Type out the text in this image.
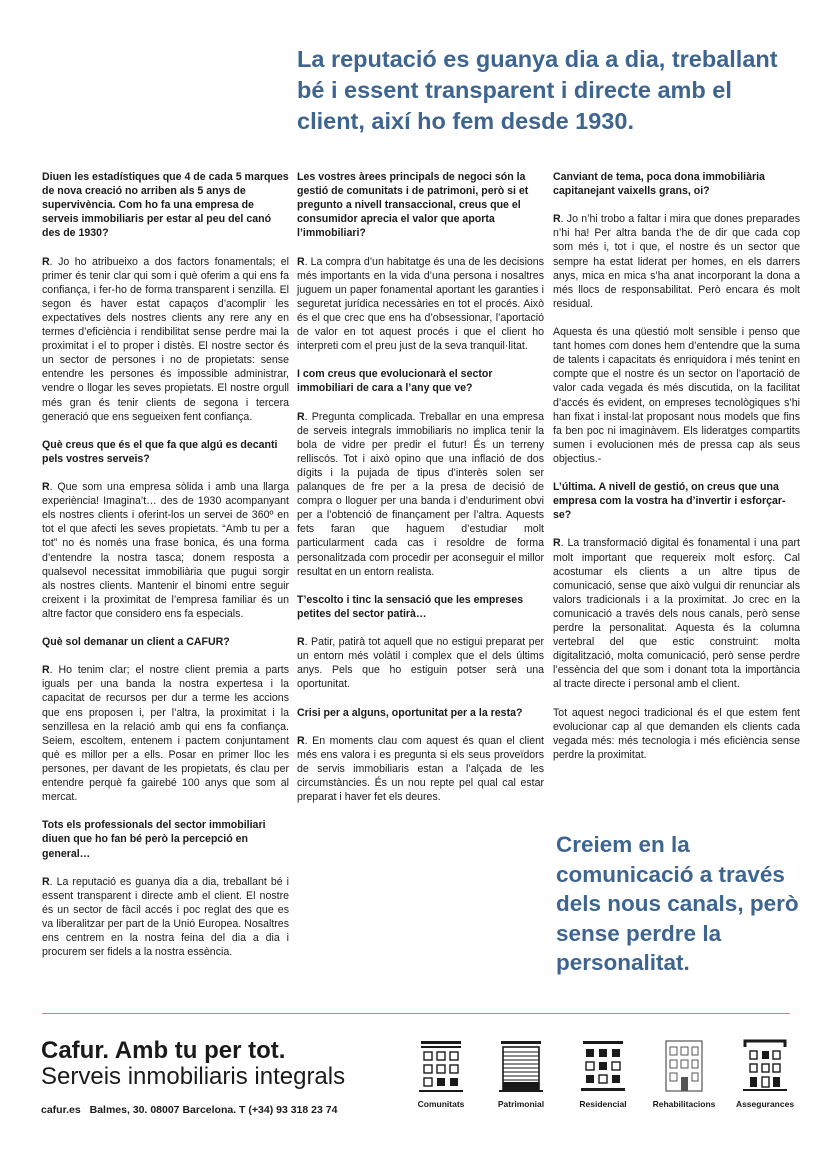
La reputació es guanya dia a dia, treballant bé i essent transparent i directe amb el client, així ho fem desde 1930.

Diuen les estadístiques que 4 de cada 5 marques de nova creació no arriben als 5 anys de supervivència. Com ho fa una empresa de serveis immobiliaris per estar al peu del canó des de 1930?

R. Jo ho atribueixo a dos factors fonamentals; el primer és tenir clar qui som i què oferim a qui ens fa confiança, i fer-ho de forma transparent i senzilla. El segon és haver estat capaços d’acomplir les expectatives dels nostres clients any rere any en termes d’eficiència i rendibilitat sense perdre mai la proximitat i el to proper i distès. El nostre sector és un sector de persones i no de propietats: sense entendre les persones és impossible administrar, vendre o llogar les seves propietats. El nostre orgull més gran és tenir clients de segona i tercera generació que ens segueixen fent confiança.

Què creus que és el que fa que algú es decanti pels vostres serveis?

R. Que som una empresa sòlida i amb una llarga experiència! Imagina’t… des de 1930 acompanyant els nostres clients i oferint-los un servei de 360º en tot el que afecti les seves propietats. “Amb tu per a tot” no és només una frase bonica, és una forma d’entendre la nostra tasca; donem resposta a qualsevol necessitat immobiliària que pugui sorgir als nostres clients. Mantenir el binomi entre seguir creixent i la proximitat de l’empresa familiar és un altre factor que considero ens fa especials.

Què sol demanar un client a CAFUR?

R. Ho tenim clar; el nostre client premia a parts iguals per una banda la nostra expertesa i la capacitat de recursos per dur a terme les accions que ens proposen i, per l’altra, la proximitat i la senzillesa en la relació amb qui ens fa confiança. Seiem, escoltem, entenem i pactem conjuntament què es millor per a ells. Posar en primer lloc les persones, per davant de les propietats, és clau per entendre perquè fa gairebé 100 anys que som al mercat.

Tots els professionals del sector immobiliari diuen que ho fan bé però la percepció en general…

R. La reputació es guanya dia a dia, treballant bé i essent transparent i directe amb el client. El nostre és un sector de fàcil accés i poc reglat des que es va liberalitzar per part de la Unió Europea. Nosaltres ens centrem en la nostra feina del dia a dia i procurem ser fidels a la nostra essència.

Les vostres àrees principals de negoci són la gestió de comunitats i de patrimoni, però si et pregunto a nivell transaccional, creus que el consumidor aprecia el valor que aporta l’immobiliari?

R. La compra d’un habitatge és una de les decisions més importants en la vida d’una persona i nosaltres juguem un paper fonamental aportant les garanties i seguretat jurídica necessàries en tot el procés. Això és el que crec que ens ha d’obsessionar, l’aportació de valor en tot aquest procés i que el client ho interpreti com el preu just de la seva tranquil·litat.

I com creus que evolucionarà el sector immobiliari de cara a l’any que ve?

R. Pregunta complicada. Treballar en una empresa de serveis integrals immobiliaris no implica tenir la bola de vidre per predir el futur! És un terreny relliscós. Tot i això opino que una inflació de dos dígits i la pujada de tipus d’interès solen ser palanques de fre per a la presa de decisió de compra o lloguer per una banda i d’enduriment obvi per a l’obtenció de finançament per l’altra. Aquests fets faran que haguem d’estudiar molt particularment cada cas i resoldre de forma personalitzada com procedir per aconseguir el millor resultat en un entorn realista.

T’escolto i tinc la sensació que les empreses petites del sector patirà…

R. Patir, patirà tot aquell que no estigui preparat per un entorn més volàtil i complex que el dels últims anys. Pels que ho estiguin potser serà una oportunitat.

Crisi per a alguns, oportunitat per a la resta?

R. En moments clau com aquest és quan el client més ens valora i es pregunta si els seus proveïdors de servis immobiliaris estan a l’alçada de les circumstàncies. És un nou repte pel qual cal estar preparat i haver fet els deures.

Canviant de tema, poca dona immobiliària capitanejant vaixells grans, oi?

R. Jo n’hi trobo a faltar i mira que dones preparades n’hi ha! Per altra banda t’he de dir que cada cop som més i, tot i que, el nostre és un sector que sempre ha estat liderat per homes, en els darrers anys, mica en mica s’ha anat incorporant la dona a més llocs de responsabilitat. Però encara és molt residual.

Aquesta és una qüestió molt sensible i penso que tant homes com dones hem d’entendre que la suma de talents i capacitats és enriquidora i més tenint en compte que el nostre és un sector on l’aportació de valor cada vegada és més discutida, on la facilitat d’accés és evident, on empreses tecnològiques s’hi han fixat i instal·lat proposant nous models que fins fa ben poc ni imaginàvem. Els lideratges compartits sumen i evolucionen més de pressa cap als seus objectius.-

L’última. A nivell de gestió, on creus que una empresa com la vostra ha d’invertir i esforçar-se?

R. La transformació digital és fonamental i una part molt important que requereix molt esforç. Cal acostumar els clients a un altre tipus de comunicació, sense que això vulgui dir renunciar als valors tradicionals i a la proximitat. Jo crec en la comunicació a través dels nous canals, però sense perdre la personalitat. Aquesta és la columna vertebral del que estic construint: molta digitalització, molta comunicació, però sense perdre l’essència del que som i donant tota la importància al tracte directe i personal amb el client.

Tot aquest negoci tradicional és el que estem fent evolucionar cap al que demanden els clients cada vegada més: més tecnologia i més eficiència sense perdre la proximitat.

Creiem en la comunicació a través dels nous canals, però sense perdre la personalitat.

Cafur. Amb tu per tot.

Serveis inmobiliaris integrals

cafur.es Balmes, 30. 08007 Barcelona. T (+34) 93 318 23 74	Comunitats	Patrimonial	Residencial	Rehabilitacions	Assegurances
